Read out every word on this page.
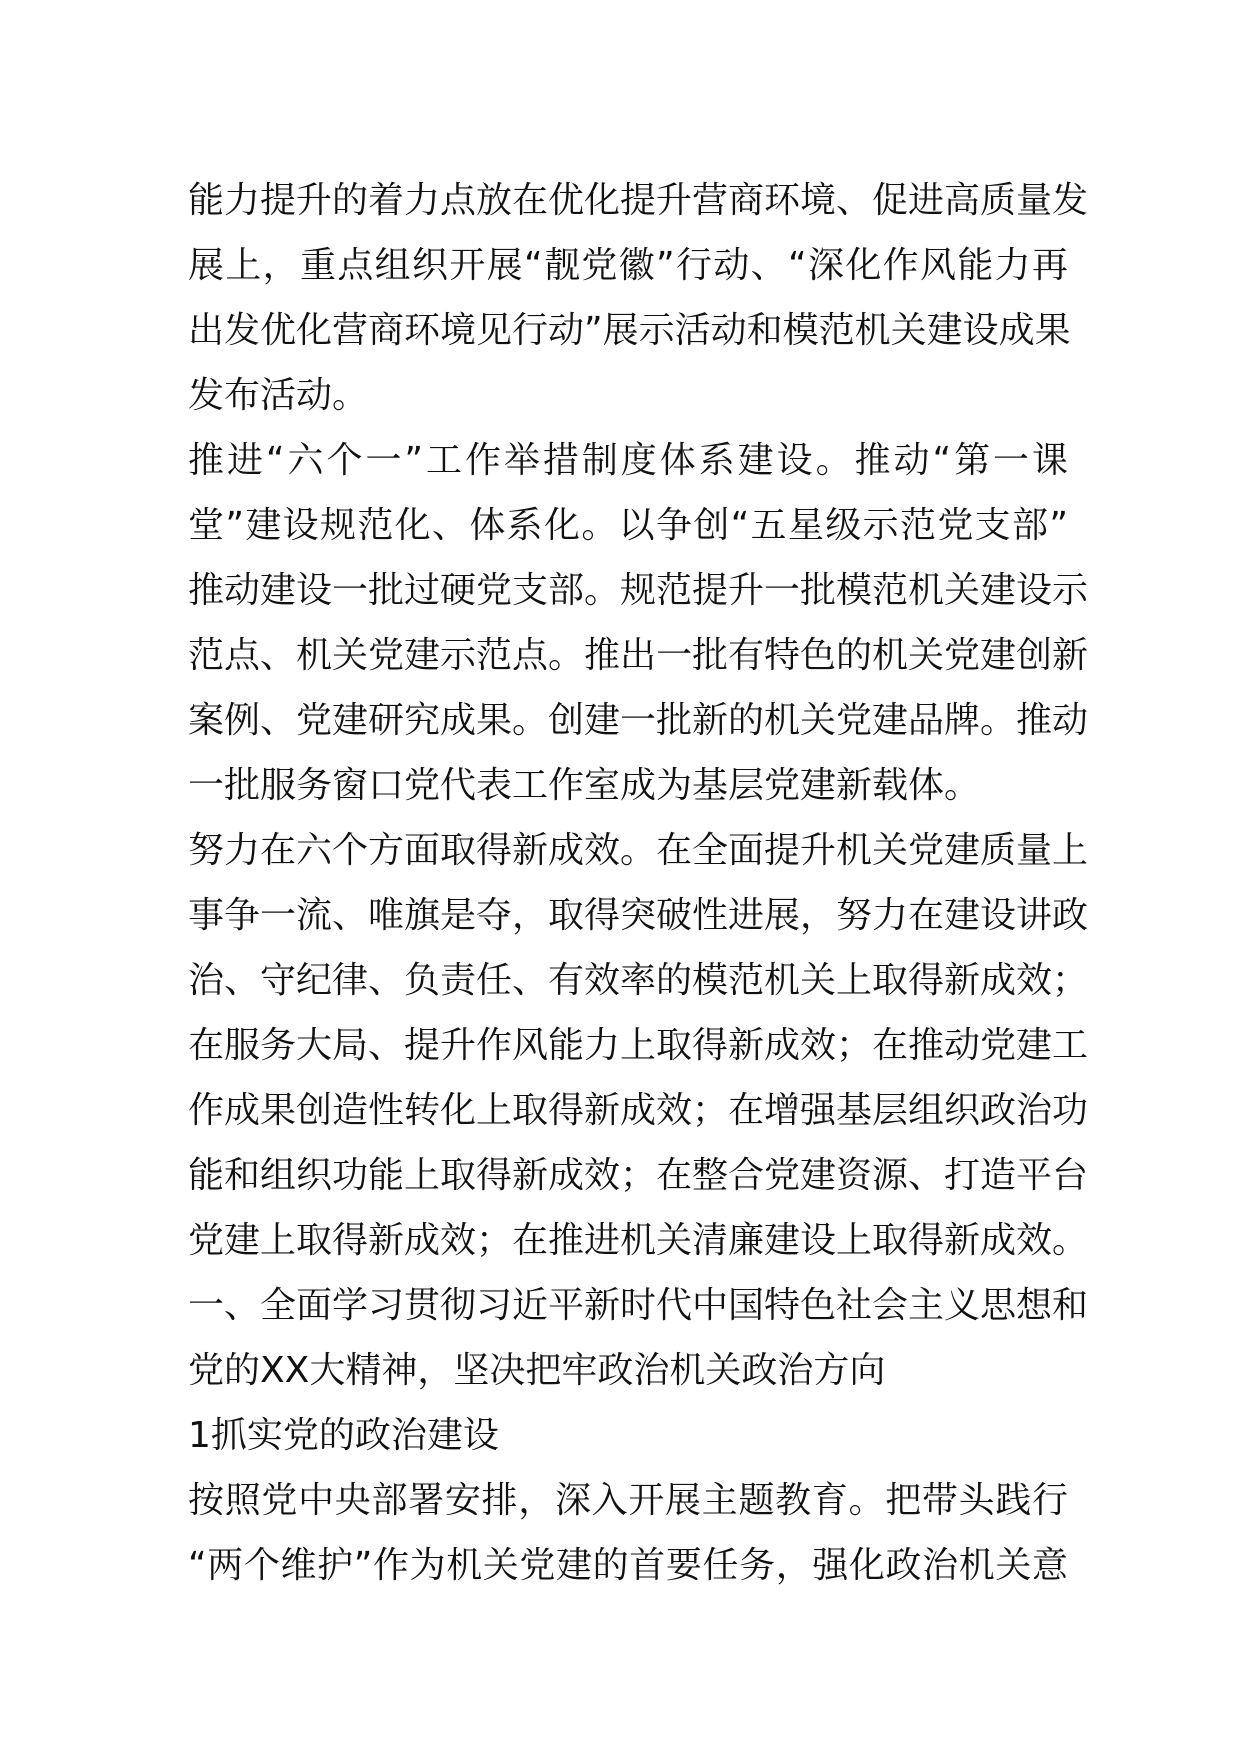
能力提升的着力点放在优化提升营商环境、促进高质量发
展上，重点组织开展“靓党徽”行动、“深化作风能力再
出发优化营商环境见行动”展示活动和模范机关建设成果
发布活动。
推进“六个一”工作举措制度体系建设。推动“第一课
堂”建设规范化、体系化。以争创“五星级示范党支部”
推动建设一批过硬党支部。规范提升一批模范机关建设示
范点、机关党建示范点。推出一批有特色的机关党建创新
案例、党建研究成果。创建一批新的机关党建品牌。推动
一批服务窗口党代表工作室成为基层党建新载体。
努力在六个方面取得新成效。在全面提升机关党建质量上
事争一流、唯旗是夺，取得突破性进展，努力在建设讲政
治、守纪律、负责任、有效率的模范机关上取得新成效；
在服务大局、提升作风能力上取得新成效；在推动党建工
作成果创造性转化上取得新成效；在增强基层组织政治功
能和组织功能上取得新成效；在整合党建资源、打造平台
党建上取得新成效；在推进机关清廉建设上取得新成效。
一、全面学习贯彻习近平新时代中国特色社会主义思想和
党的XX大精神，坚决把牢政治机关政治方向
1抓实党的政治建设
按照党中央部署安排，深入开展主题教育。把带头践行
“两个维护”作为机关党建的首要任务，强化政治机关意
